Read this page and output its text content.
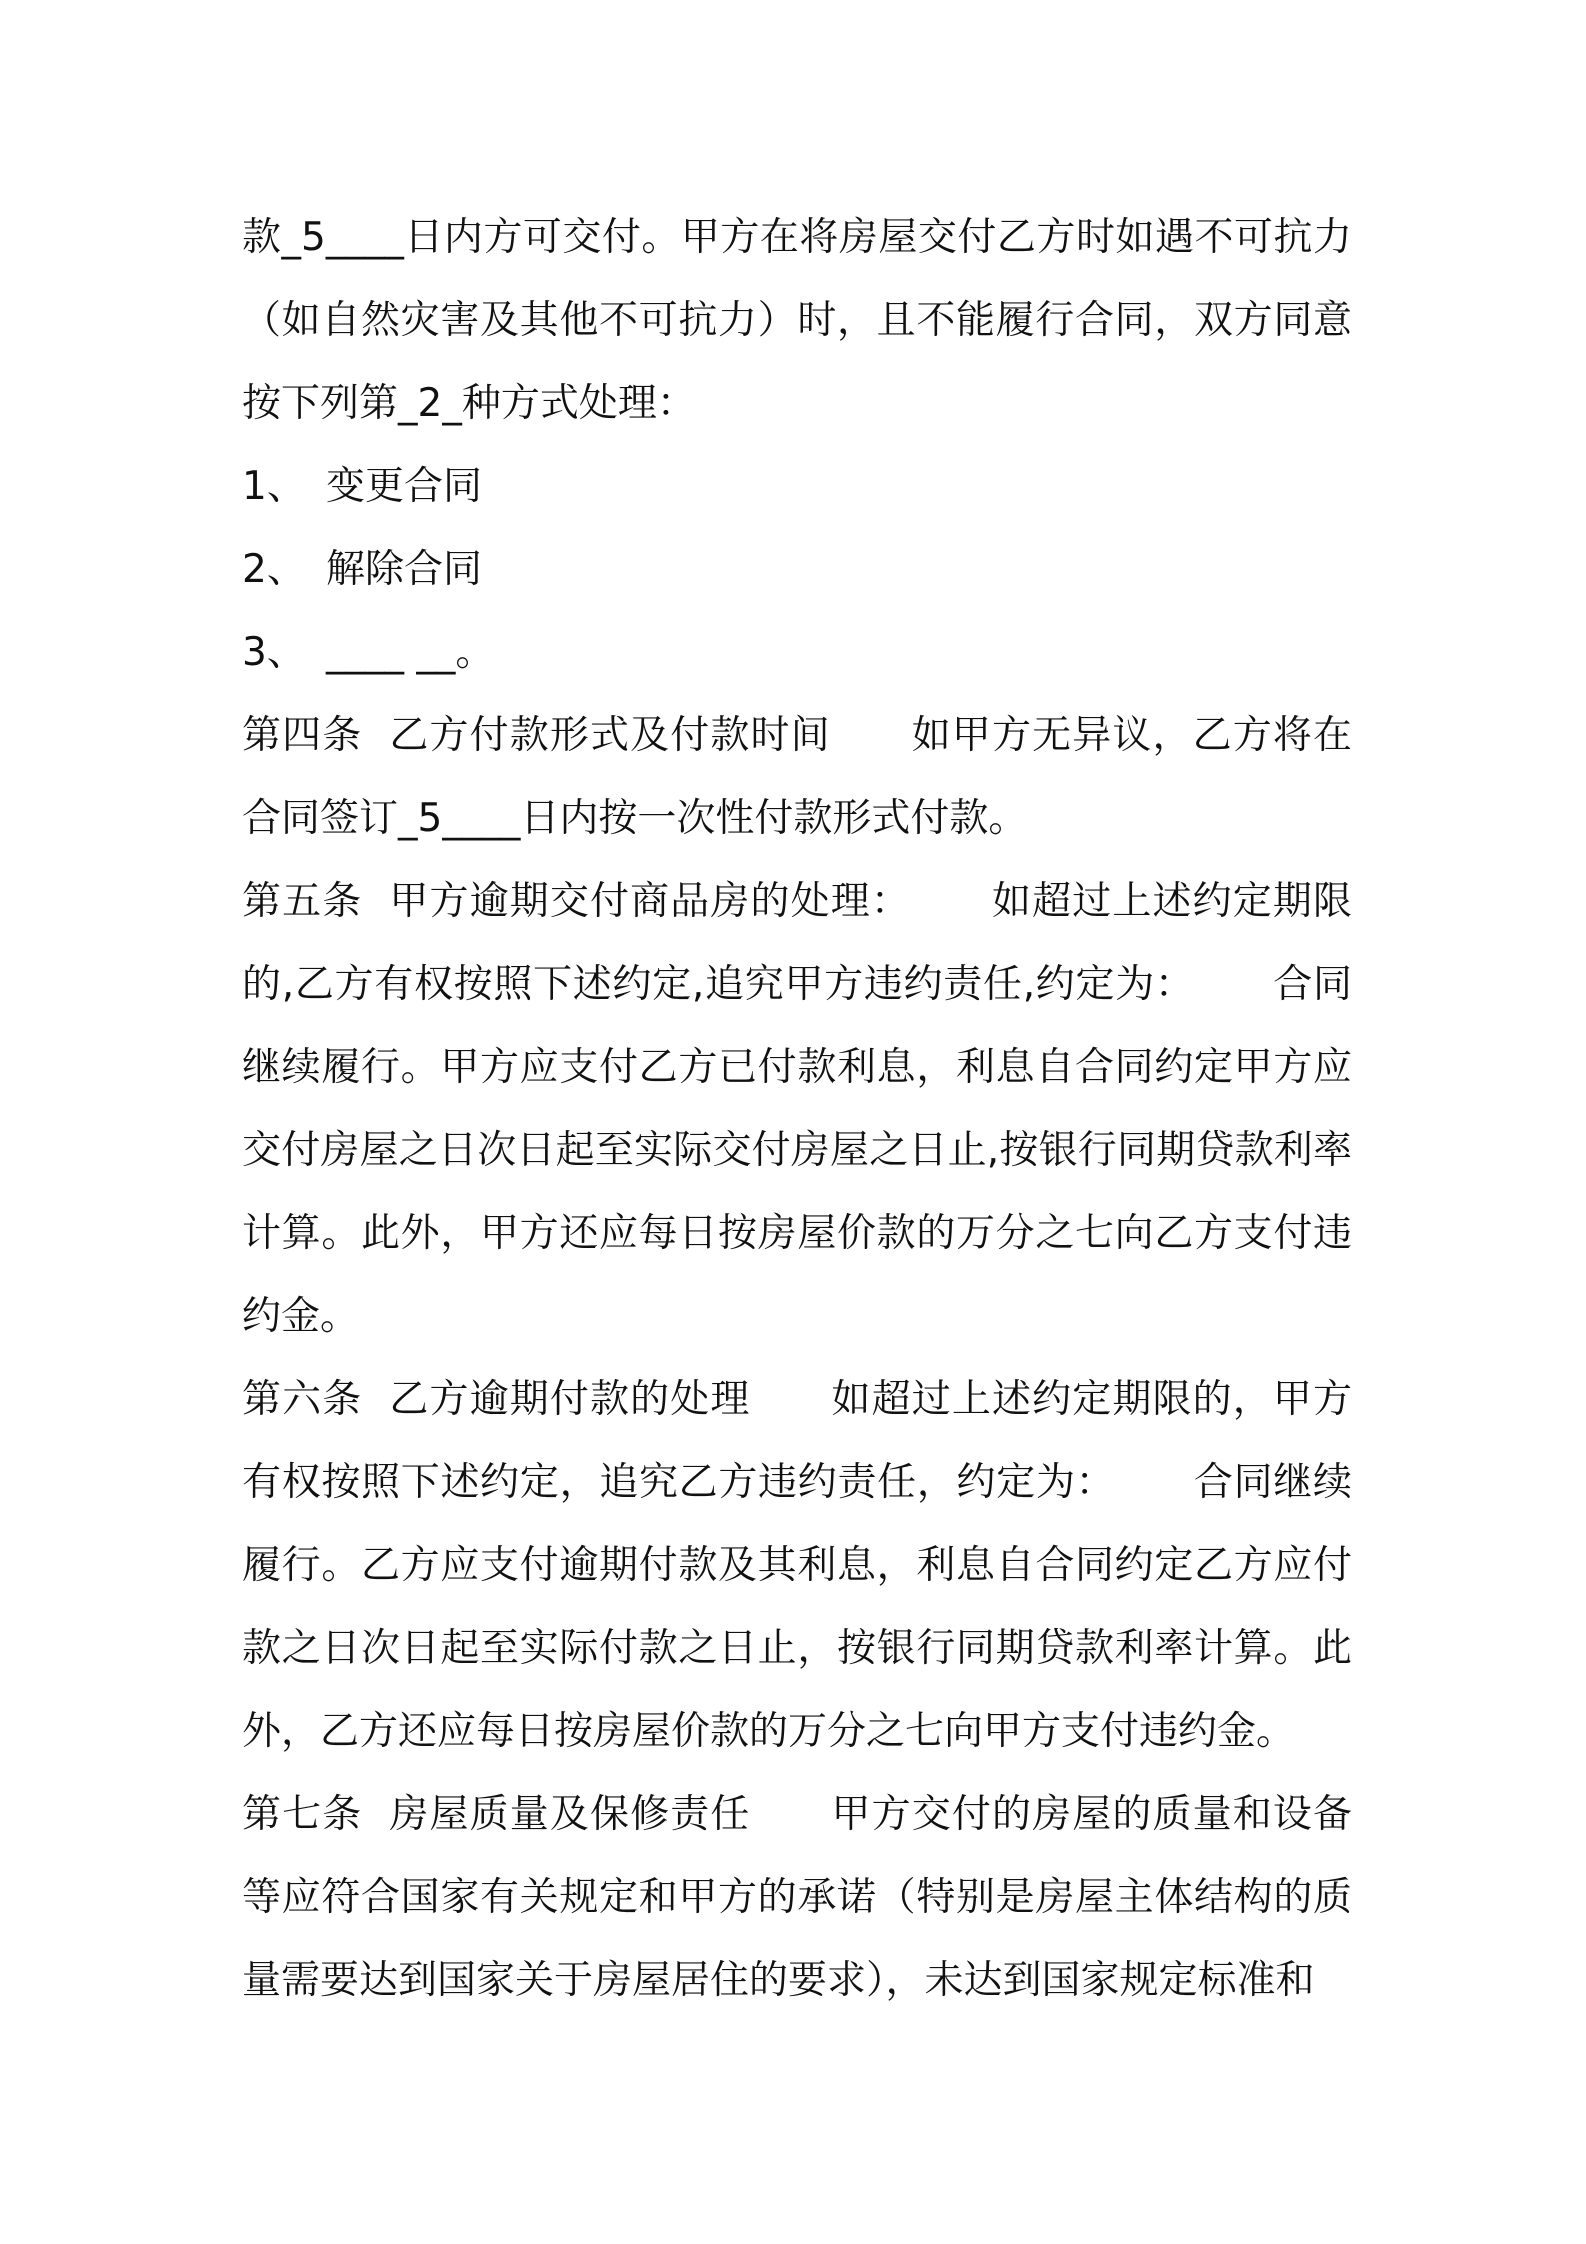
款_5____日内方可交付。甲方在将房屋交付乙方时如遇不可抗力（如自然灾害及其他不可抗力）时，且不能履行合同，双方同意按下列第_2_种方式处理：

1、 变更合同
2、 解除合同
3、 ____ __。

第四条  乙方付款形式及付款时间      如甲方无异议，乙方将在合同签订_5____日内按一次性付款形式付款。

第五条  甲方逾期交付商品房的处理：      如超过上述约定期限的,乙方有权按照下述约定,追究甲方违约责任,约定为：      合同继续履行。甲方应支付乙方已付款利息，利息自合同约定甲方应交付房屋之日次日起至实际交付房屋之日止,按银行同期贷款利率计算。此外，甲方还应每日按房屋价款的万分之七向乙方支付违约金。

第六条  乙方逾期付款的处理      如超过上述约定期限的，甲方有权按照下述约定，追究乙方违约责任，约定为：      合同继续履行。乙方应支付逾期付款及其利息，利息自合同约定乙方应付款之日次日起至实际付款之日止，按银行同期贷款利率计算。此外，乙方还应每日按房屋价款的万分之七向甲方支付违约金。

第七条  房屋质量及保修责任      甲方交付的房屋的质量和设备等应符合国家有关规定和甲方的承诺（特别是房屋主体结构的质量需要达到国家关于房屋居住的要求），未达到国家规定标准和
